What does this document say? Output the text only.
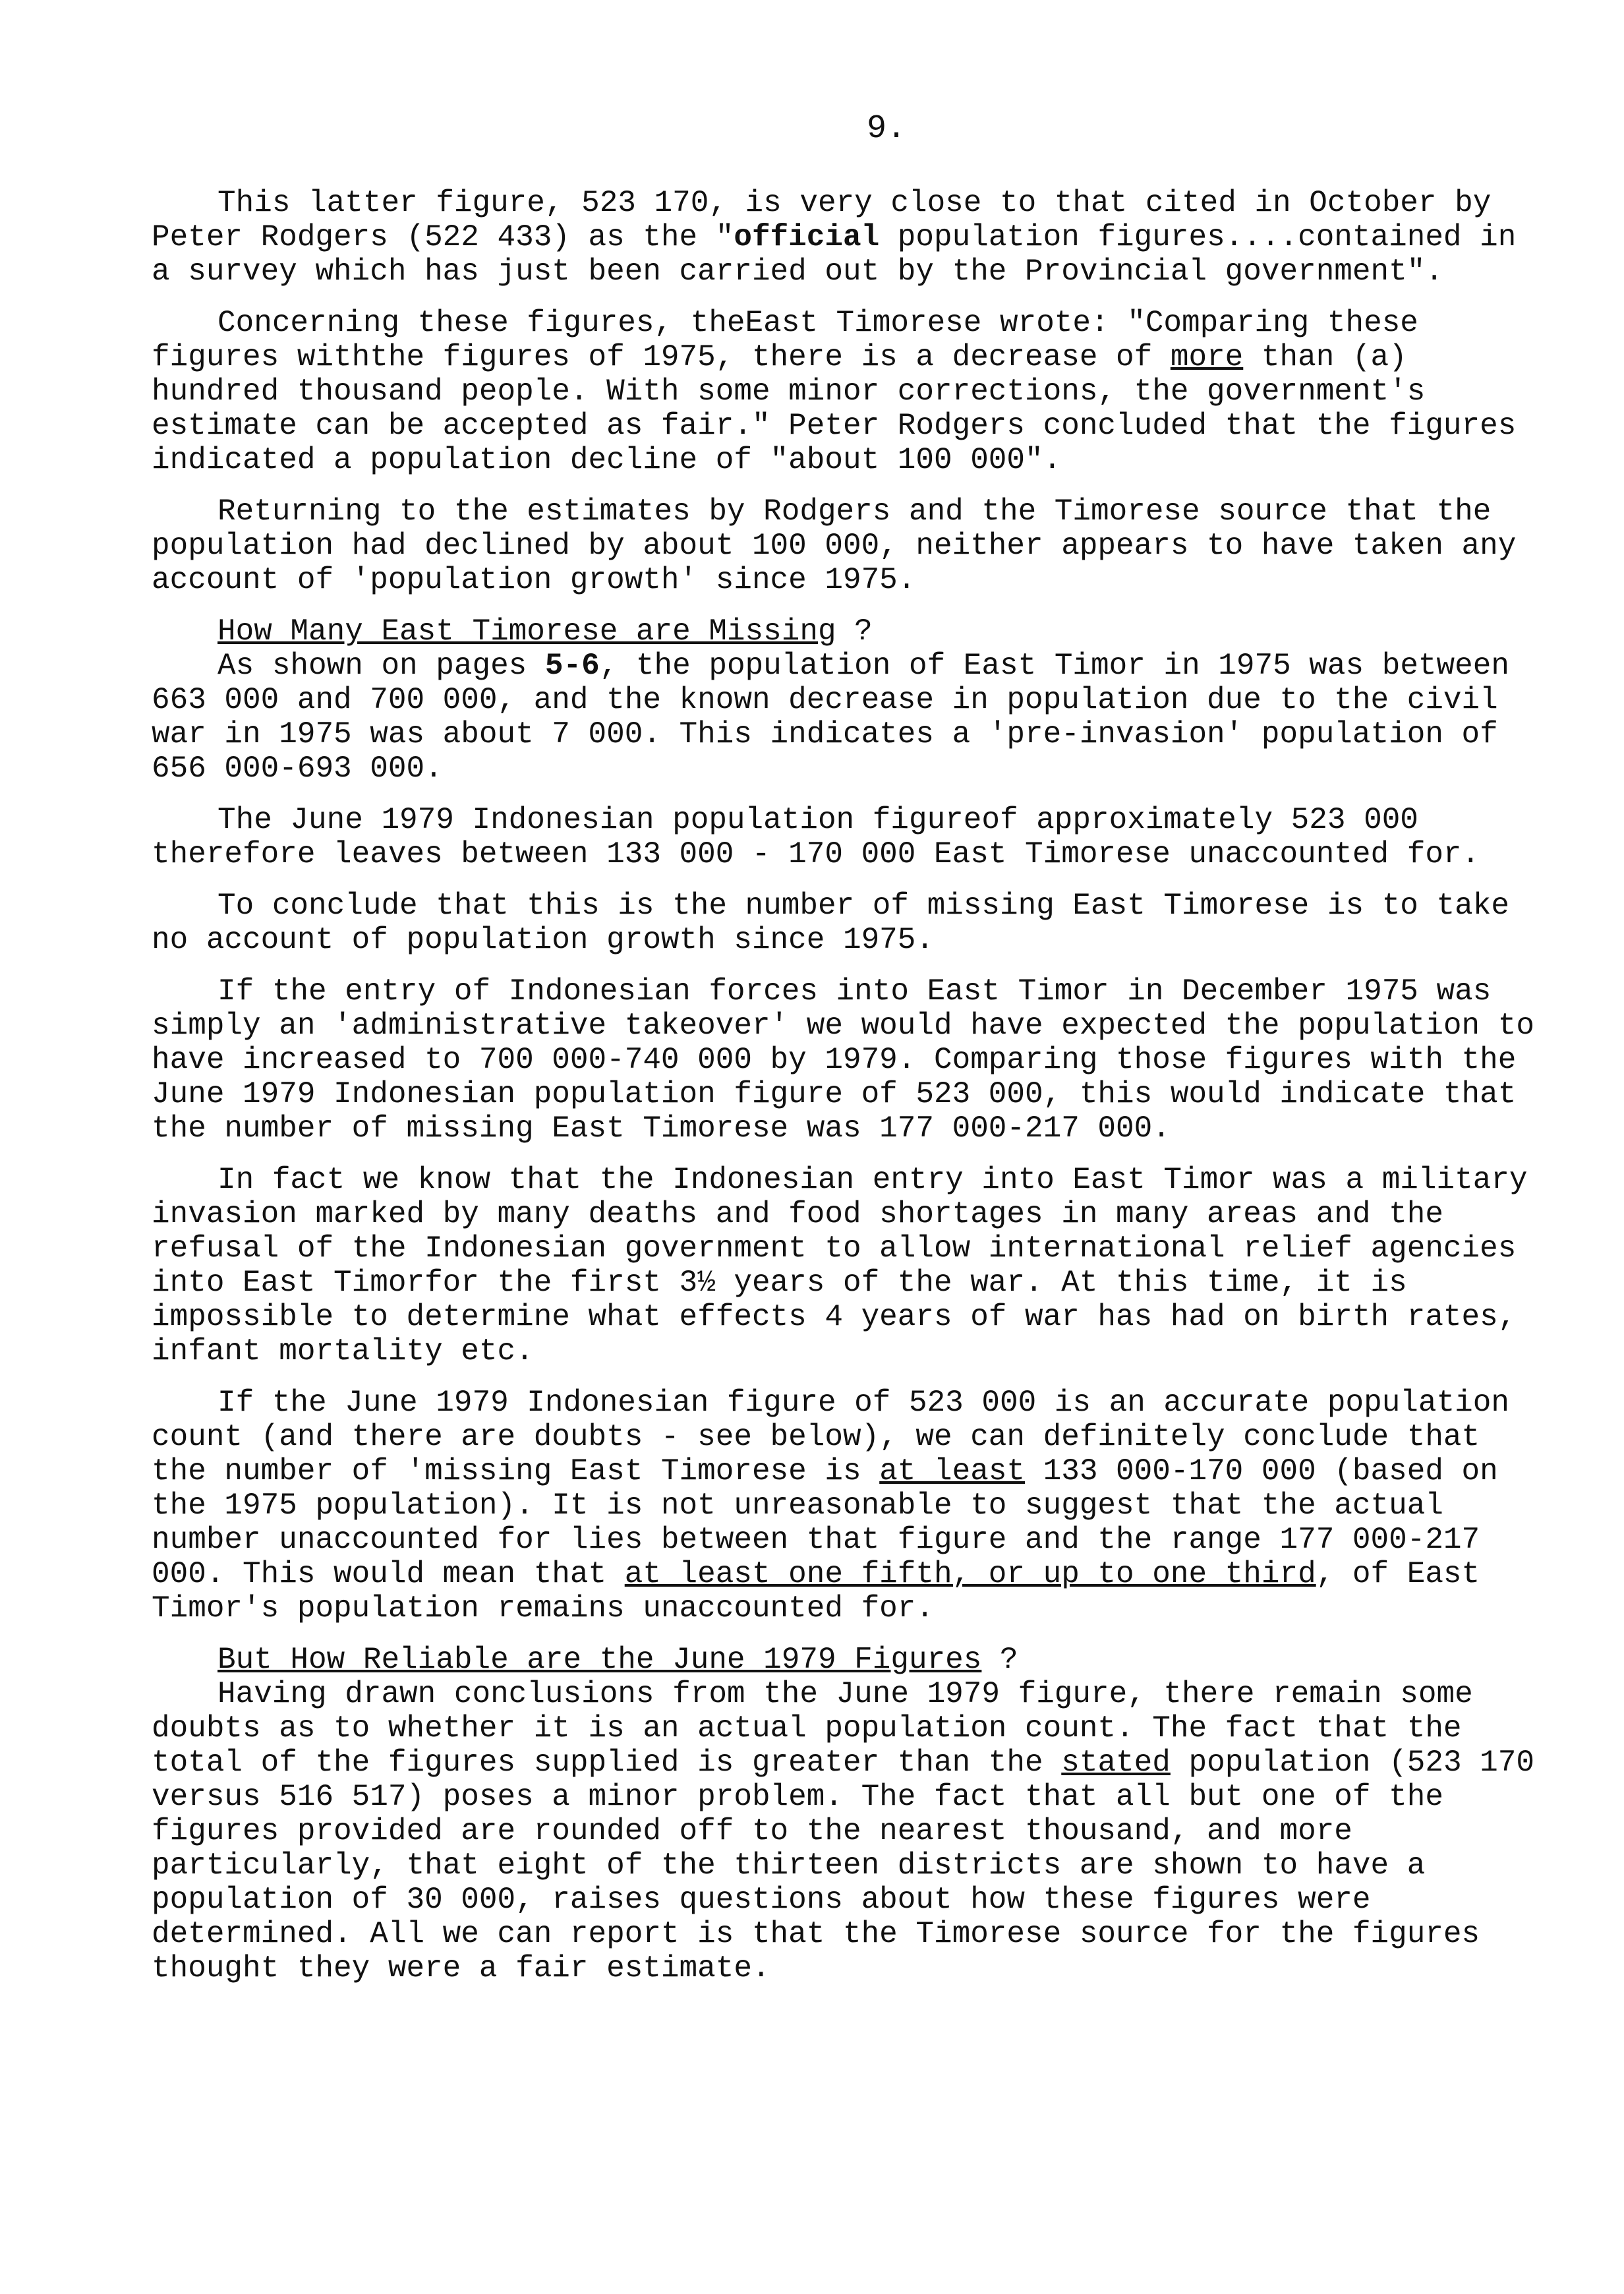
9.

This latter figure, 523 170, is very close to that cited in October by Peter Rodgers (522 433) as the "official population figures....contained in a survey which has just been carried out by the Provincial government".

Concerning these figures, theEast Timorese wrote: "Comparing these figures withthe figures of 1975, there is a decrease of more than (a) hundred thousand people. With some minor corrections, the government's estimate can be accepted as fair." Peter Rodgers concluded that the figures indicated a population decline of "about 100 000".

Returning to the estimates by Rodgers and the Timorese source that the population had declined by about 100 000, neither appears to have taken any account of 'population growth' since 1975.

How Many East Timorese are Missing ?

As shown on pages 5-6, the population of East Timor in 1975 was between 663 000 and 700 000, and the known decrease in population due to the civil war in 1975 was about 7 000. This indicates a 'pre-invasion' population of 656 000-693 000.

The June 1979 Indonesian population figureof approximately 523 000 therefore leaves between 133 000 - 170 000 East Timorese unaccounted for.

To conclude that this is the number of missing East Timorese is to take no account of population growth since 1975.

If the entry of Indonesian forces into East Timor in December 1975 was simply an 'administrative takeover' we would have expected the population to have increased to 700 000-740 000 by 1979. Comparing those figures with the June 1979 Indonesian population figure of 523 000, this would indicate that the number of missing East Timorese was 177 000-217 000.

In fact we know that the Indonesian entry into East Timor was a military invasion marked by many deaths and food shortages in many areas and the refusal of the Indonesian government to allow international relief agencies into East Timorfor the first 3½ years of the war. At this time, it is impossible to determine what effects 4 years of war has had on birth rates, infant mortality etc.

If the June 1979 Indonesian figure of 523 000 is an accurate population count (and there are doubts - see below), we can definitely conclude that the number of 'missing East Timorese is at least 133 000-170 000 (based on the 1975 population). It is not unreasonable to suggest that the actual number unaccounted for lies between that figure and the range 177 000-217 000. This would mean that at least one fifth, or up to one third, of East Timor's population remains unaccounted for.

But How Reliable are the June 1979 Figures ?

Having drawn conclusions from the June 1979 figure, there remain some doubts as to whether it is an actual population count. The fact that the total of the figures supplied is greater than the stated population (523 170 versus 516 517) poses a minor problem. The fact that all but one of the figures provided are rounded off to the nearest thousand, and more particularly, that eight of the thirteen districts are shown to have a population of 30 000, raises questions about how these figures were determined. All we can report is that the Timorese source for the figures thought they were a fair estimate.
